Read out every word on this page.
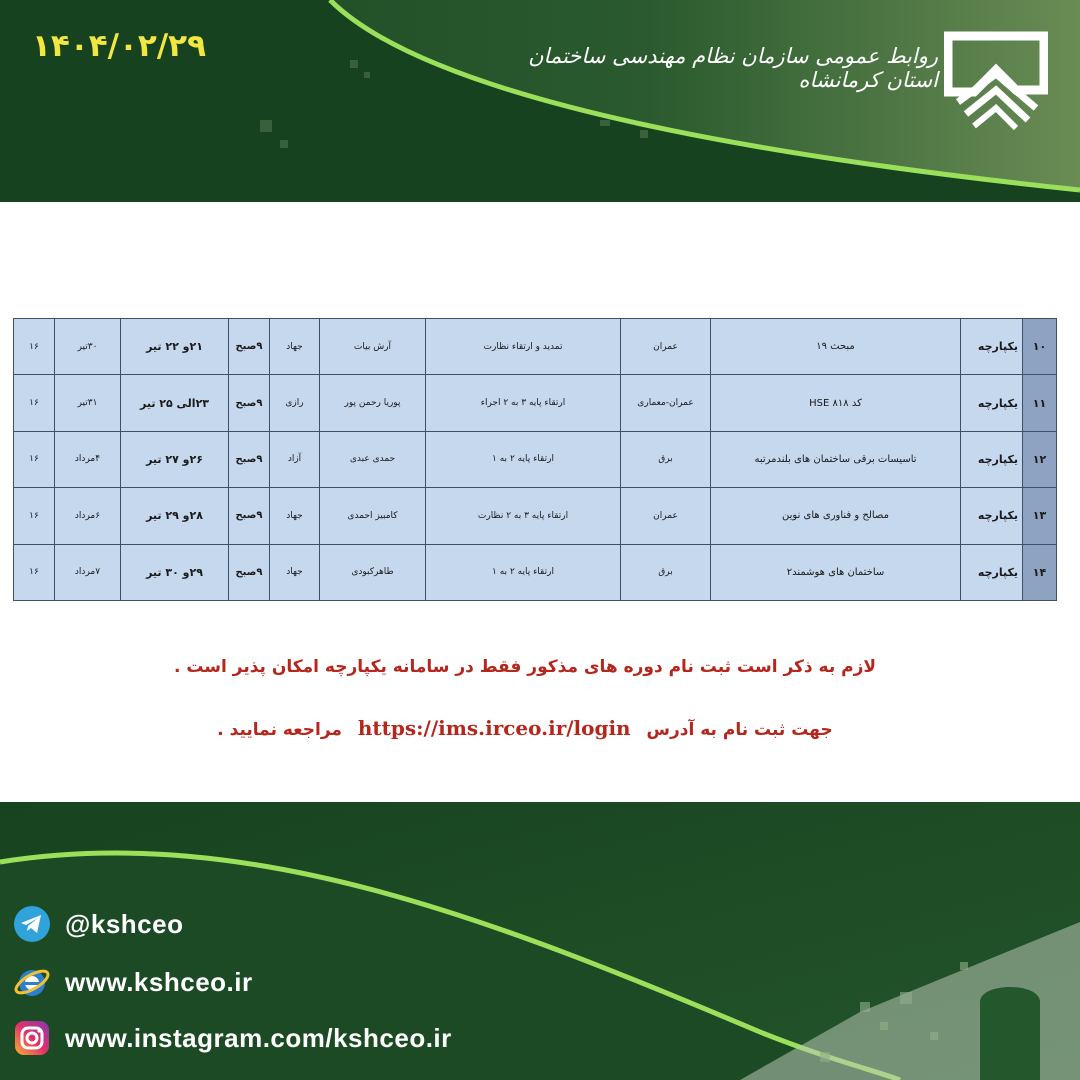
۱۴۰۴/۰۲/۲۹	روابط عمومی سازمان نظام مهندسی ساختمان استان کرمانشاه
۱۰	یکپارچه	مبحث ۱۹	عمران	تمدید و ارتقاء نظارت	آرش بیات	جهاد	۹صبح	۲۱و ۲۲ تیر	۳۰تیر	۱۶
۱۱	یکپارچه	کد HSE ۸۱۸	عمران-معماری	ارتقاء پایه ۳ به ۲ اجراء	پوریا رحمن پور	رازی	۹صبح	۲۳الی ۲۵ تیر	۳۱تیر	۱۶
۱۲	یکپارچه	تاسیسات برقی ساختمان های بلندمرتبه	برق	ارتقاء پایه ۲ به ۱	حمدی عبدی	آزاد	۹صبح	۲۶و ۲۷ تیر	۴مرداد	۱۶
۱۳	یکپارچه	مصالح و فناوری های نوین	عمران	ارتقاء پایه ۳ به ۲ نظارت	کامبیز احمدی	جهاد	۹صبح	۲۸و ۲۹ تیر	۶مرداد	۱۶
۱۴	یکپارچه	ساختمان های هوشمند۲	برق	ارتقاء پایه ۲ به ۱	طاهرکبودی	جهاد	۹صبح	۲۹و ۳۰ تیر	۷مرداد	۱۶
لازم به ذکر است ثبت نام دوره های مذکور فقط در سامانه یکپارچه امکان پذیر است .
جهت ثبت نام به آدرس https://ims.irceo.ir/login مراجعه نمایید .
@kshceo
www.kshceo.ir
www.instagram.com/kshceo.ir
